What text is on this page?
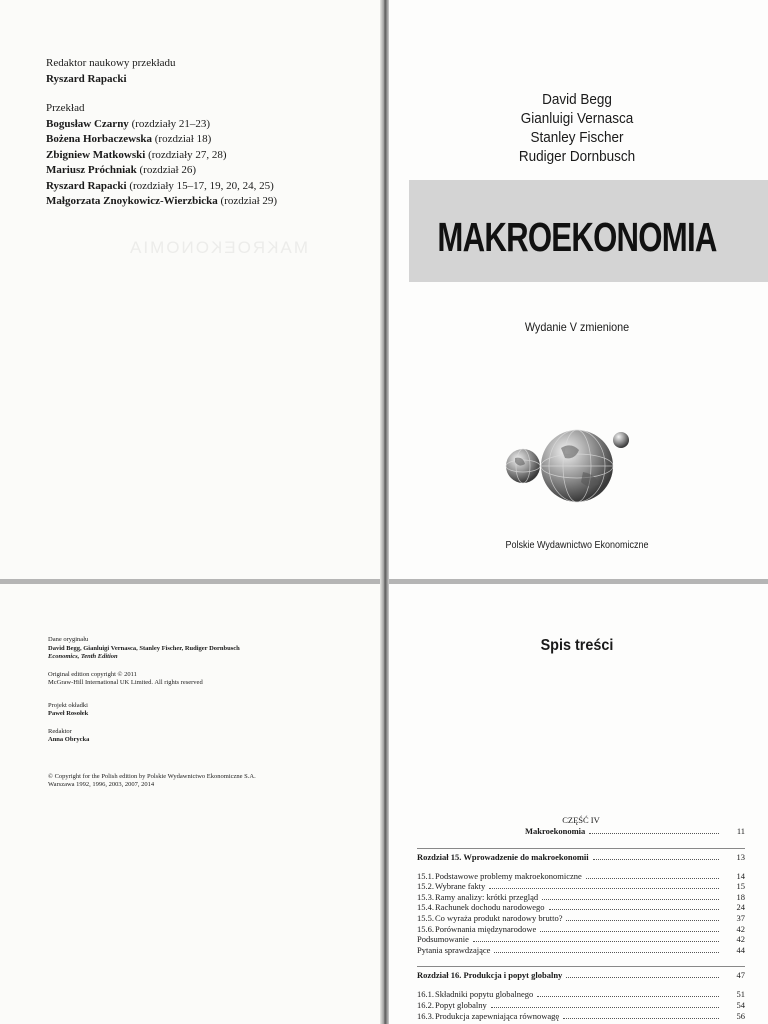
Redaktor naukowy przekładu
Ryszard Rapacki
Przekład
Bogusław Czarny (rozdziały 21–23)
Bożena Horbaczewska (rozdział 18)
Zbigniew Matkowski (rozdziały 27, 28)
Mariusz Próchniak (rozdział 26)
Ryszard Rapacki (rozdziały 15–17, 19, 20, 24, 25)
Małgorzata Znoykowicz-Wierzbicka (rozdział 29)
MAKROEKONOMIA
David Begg
Gianluigi Vernasca
Stanley Fischer
Rudiger Dornbusch
MAKROEKONOMIA
Wydanie V zmienione
Polskie Wydawnictwo Ekonomiczne
Dane oryginału
David Begg, Gianluigi Vernasca, Stanley Fischer, Rudiger Dornbusch
Economics, Tenth Edition
Original edition copyright © 2011
McGraw-Hill International UK Limited. All rights reserved
Projekt okładki
Paweł Rosołek
Redaktor
Anna Obrycka
© Copyright for the Polish edition by Polskie Wydawnictwo Ekonomiczne S.A.
Warszawa 1992, 1996, 2003, 2007, 2014
Spis treści
CZĘŚĆ IV
Makroekonomia	11
Rozdział 15. Wprowadzenie do makroekonomii	13
15.1. Podstawowe problemy makroekonomiczne	14
15.2. Wybrane fakty	15
15.3. Ramy analizy: krótki przegląd	18
15.4. Rachunek dochodu narodowego	24
15.5. Co wyraża produkt narodowy brutto?	37
15.6. Porównania międzynarodowe	42
Podsumowanie	42
Pytania sprawdzające	44
Rozdział 16. Produkcja i popyt globalny	47
16.1. Składniki popytu globalnego	51
16.2. Popyt globalny	54
16.3. Produkcja zapewniająca równowagę	56
